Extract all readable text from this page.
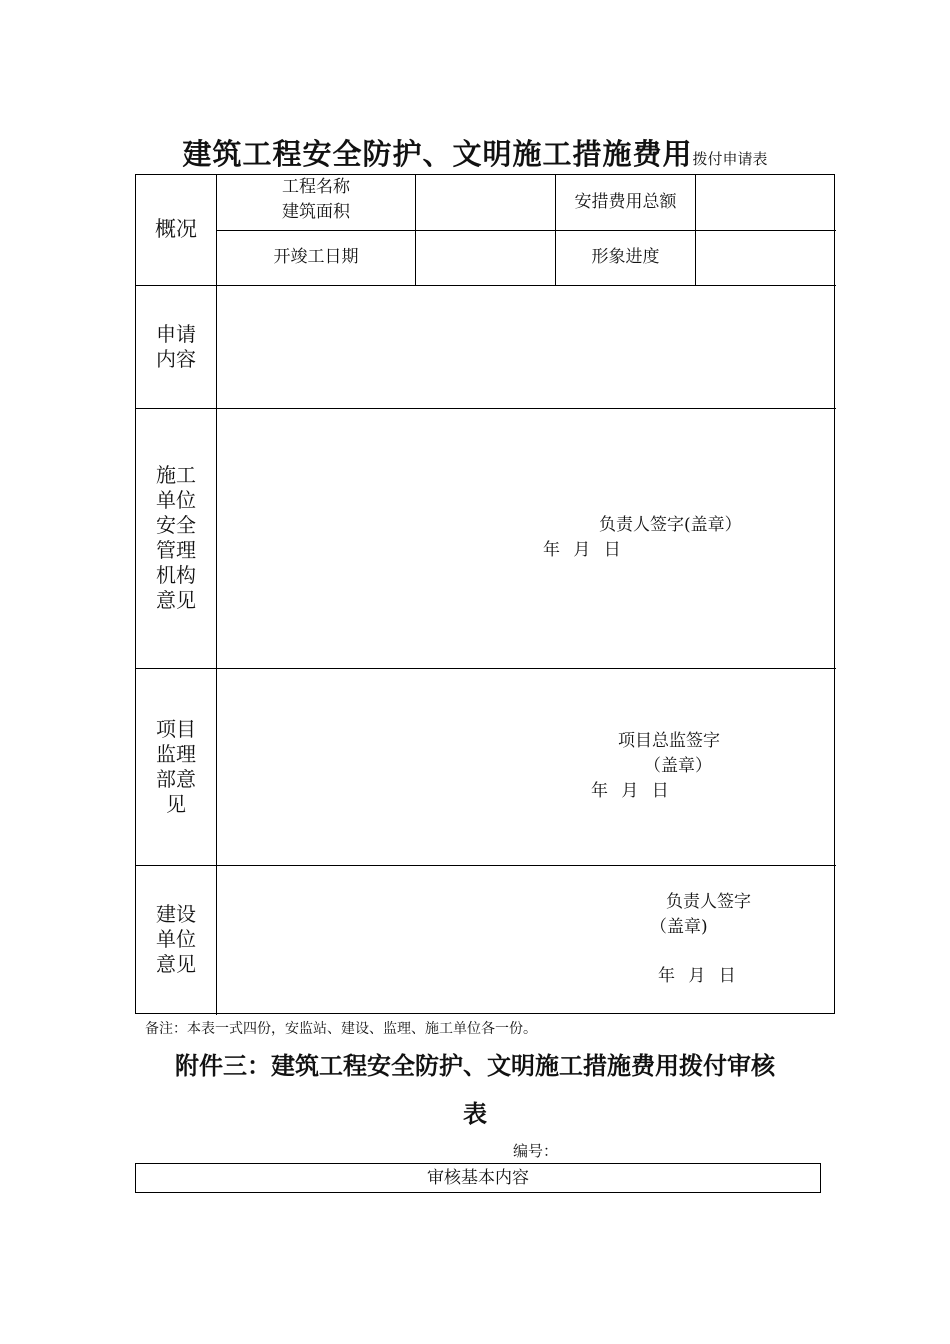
建筑工程安全防护、文明施工措施费用拨付申请表
概况
工程名称
建筑面积	安措费用总额
开竣工日期	形象进度
申请
内容
施工
单位
安全
管理
机构
意见
负责人签字(盖章）
年 月 日
项目
监理
部意
见
项目总监签字
（盖章）
年 月 日
建设
单位
意见
负责人签字
（盖章)
年 月 日
备注：本表一式四份，安监站、建设、监理、施工单位各一份。
附件三：建筑工程安全防护、文明施工措施费用拨付审核
表
编号：
审核基本内容
